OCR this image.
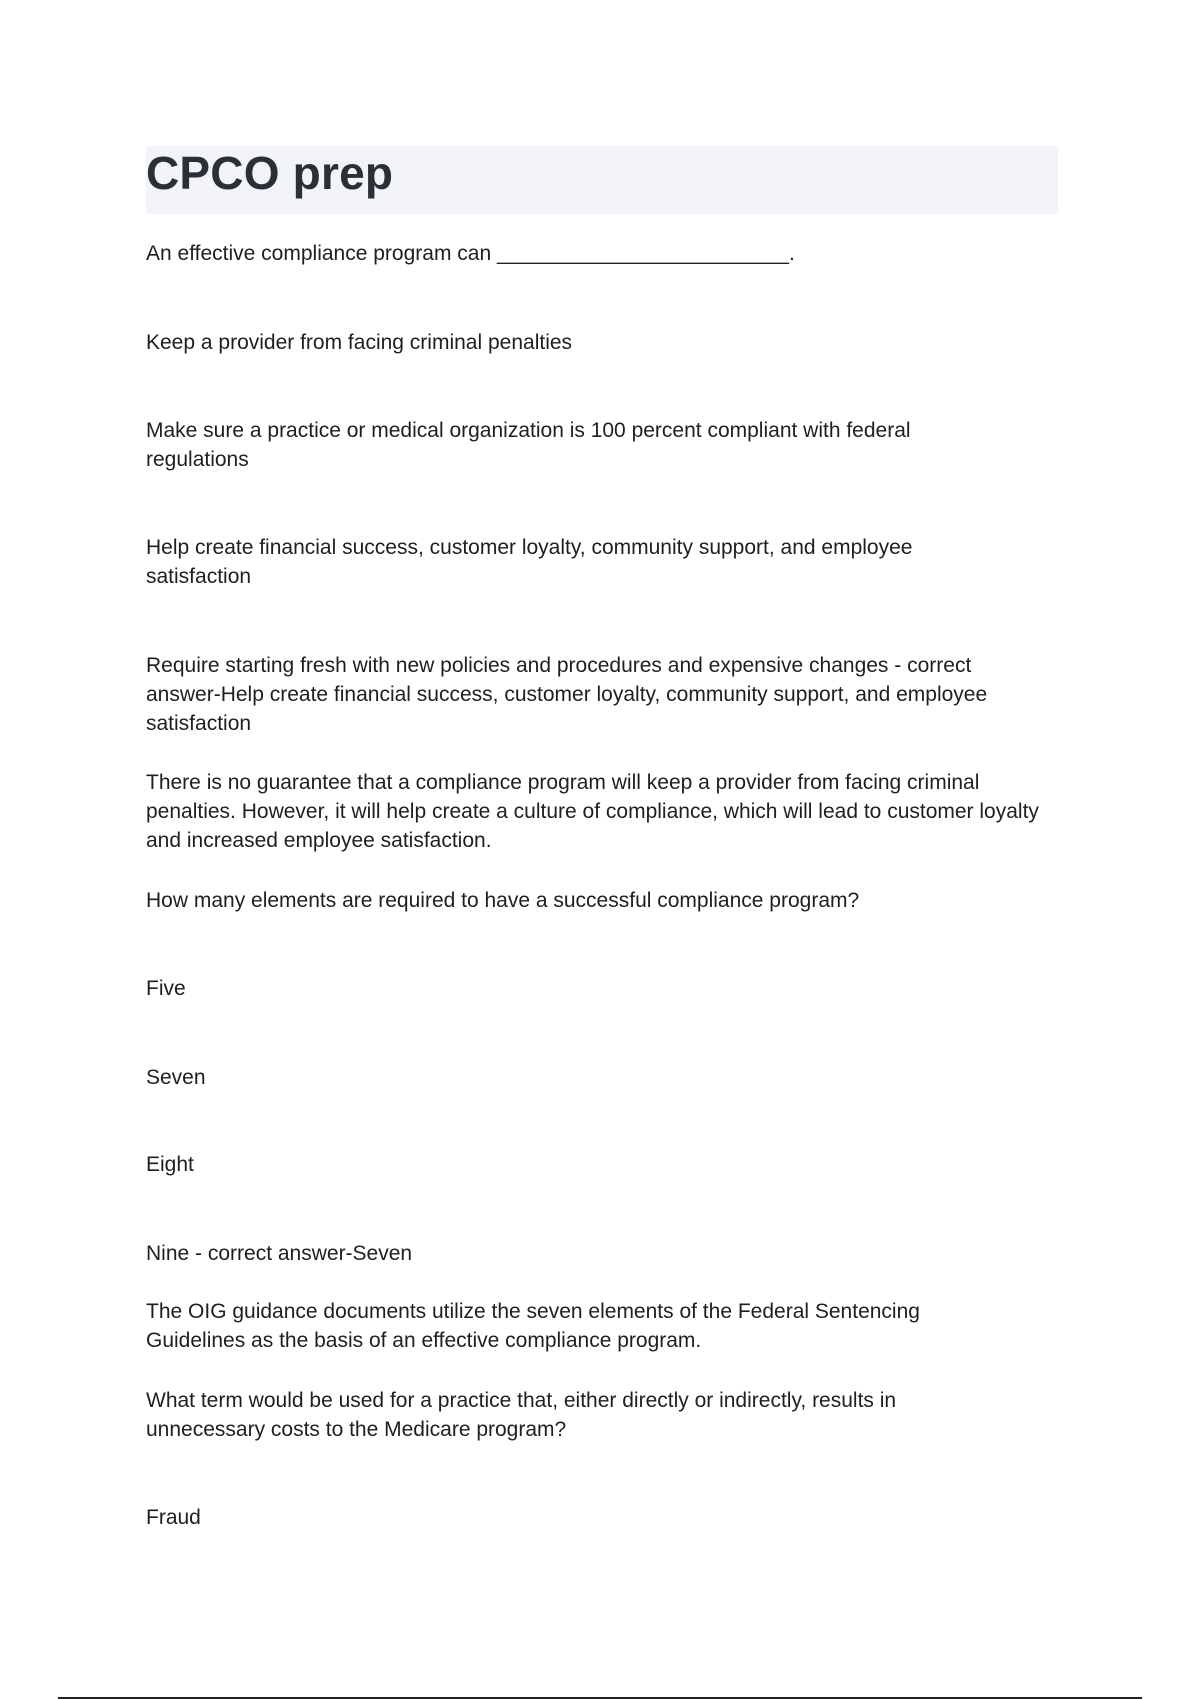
CPCO prep

An effective compliance program can _________________________.

Keep a provider from facing criminal penalties

Make sure a practice or medical organization is 100 percent compliant with federal regulations

Help create financial success, customer loyalty, community support, and employee satisfaction

Require starting fresh with new policies and procedures and expensive changes - correct answer-Help create financial success, customer loyalty, community support, and employee satisfaction

There is no guarantee that a compliance program will keep a provider from facing criminal penalties. However, it will help create a culture of compliance, which will lead to customer loyalty and increased employee satisfaction.

How many elements are required to have a successful compliance program?

Five

Seven

Eight

Nine - correct answer-Seven

The OIG guidance documents utilize the seven elements of the Federal Sentencing Guidelines as the basis of an effective compliance program.

What term would be used for a practice that, either directly or indirectly, results in unnecessary costs to the Medicare program?

Fraud
